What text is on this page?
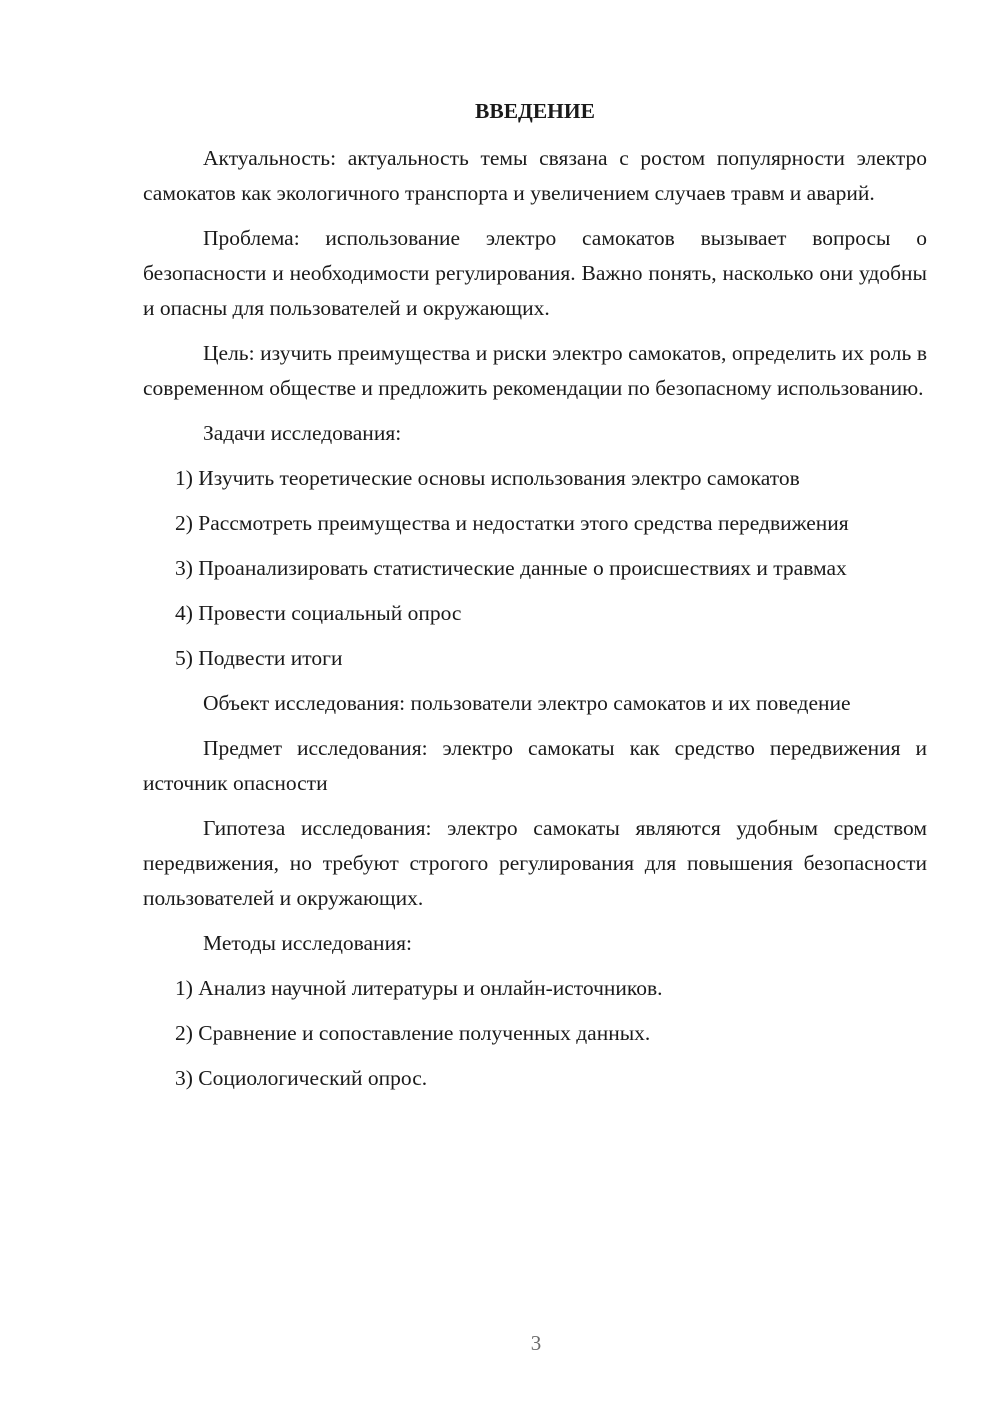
ВВЕДЕНИЕ

Актуальность: актуальность темы связана с ростом популярности электро самокатов как экологичного транспорта и увеличением случаев травм и аварий.

Проблема: использование электро самокатов вызывает вопросы о безопасности и необходимости регулирования. Важно понять, насколько они удобны и опасны для пользователей и окружающих.

Цель: изучить преимущества и риски электро самокатов, определить их роль в современном обществе и предложить рекомендации по безопасному использованию.

Задачи исследования:

1) Изучить теоретические основы использования электро самокатов

2) Рассмотреть преимущества и недостатки этого средства передвижения

3) Проанализировать статистические данные о происшествиях и травмах

4) Провести социальный опрос

5) Подвести итоги

Объект исследования: пользователи электро самокатов и их поведение

Предмет исследования: электро самокаты как средство передвижения и источник опасности

Гипотеза исследования: электро самокаты являются удобным средством передвижения, но требуют строгого регулирования для повышения безопасности пользователей и окружающих.

Методы исследования:

1) Анализ научной литературы и онлайн-источников.

2) Сравнение и сопоставление полученных данных.

3) Социологический опрос.

3
